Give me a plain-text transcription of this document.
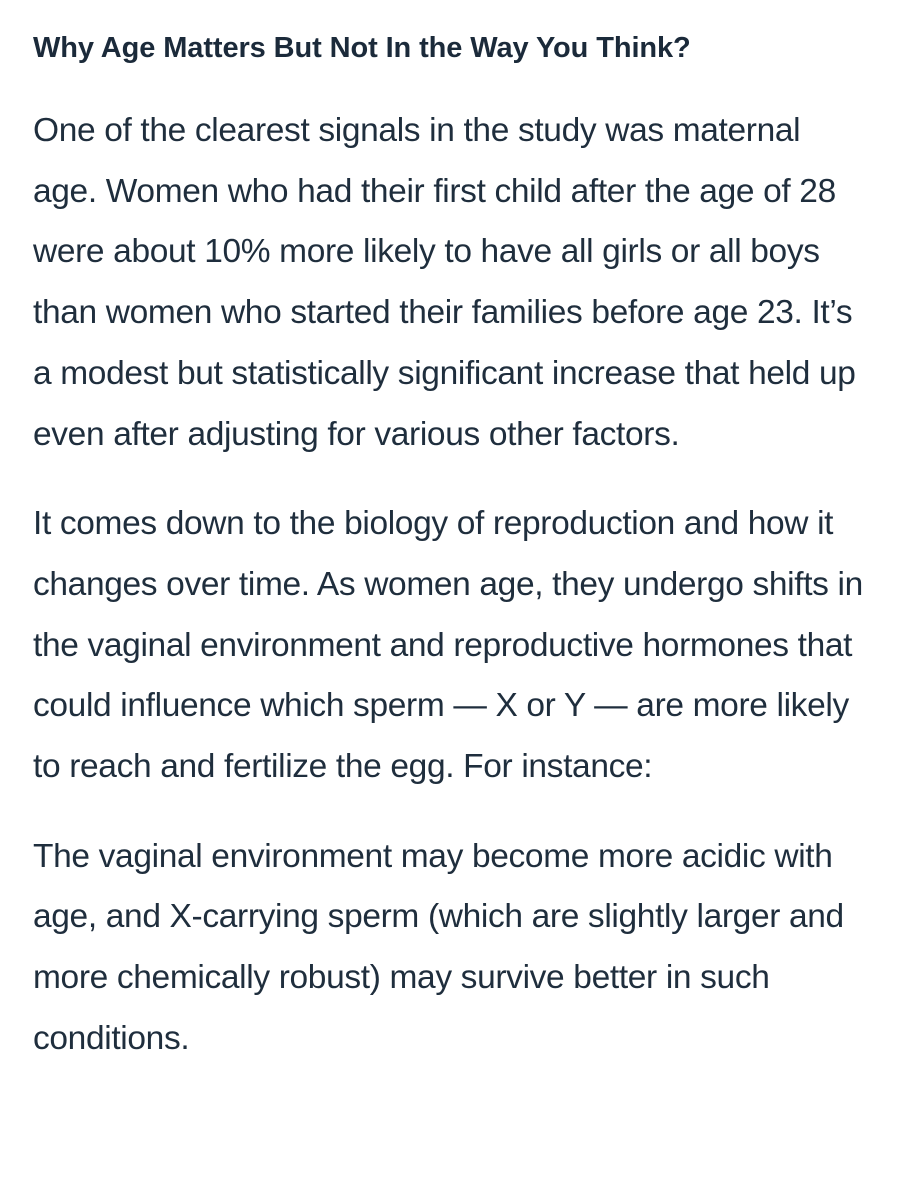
Why Age Matters But Not In the Way You Think?

One of the clearest signals in the study was maternal age. Women who had their first child after the age of 28 were about 10% more likely to have all girls or all boys than women who started their families before age 23. It’s a modest but statistically significant increase that held up even after adjusting for various other factors.

It comes down to the biology of reproduction and how it changes over time. As women age, they undergo shifts in the vaginal environment and reproductive hormones that could influence which sperm — X or Y — are more likely to reach and fertilize the egg. For instance:

The vaginal environment may become more acidic with age, and X-carrying sperm (which are slightly larger and more chemically robust) may survive better in such conditions.
